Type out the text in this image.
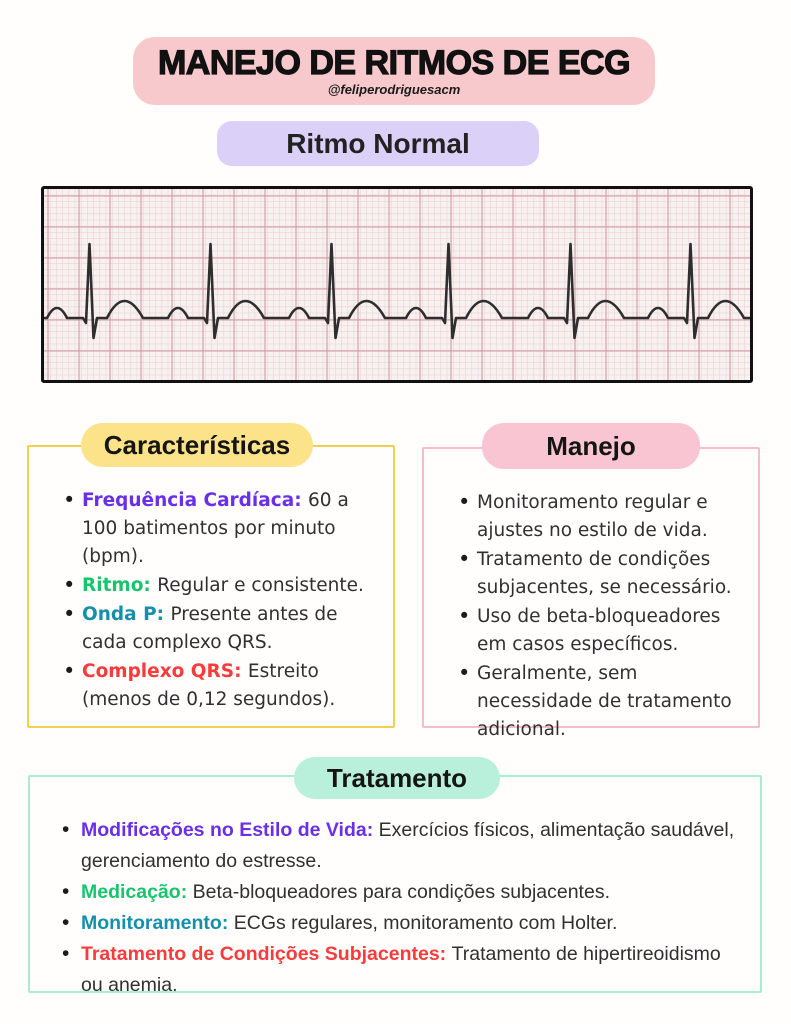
MANEJO DE RITMOS DE ECG
@feliperodriguesacm
Ritmo Normal
Características
• Frequência Cardíaca: 60 a 100 batimentos por minuto (bpm).
• Ritmo: Regular e consistente.
• Onda P: Presente antes de cada complexo QRS.
• Complexo QRS: Estreito (menos de 0,12 segundos).
Manejo
• Monitoramento regular e ajustes no estilo de vida.
• Tratamento de condições subjacentes, se necessário.
• Uso de beta-bloqueadores em casos específicos.
• Geralmente, sem necessidade de tratamento adicional.
Tratamento
• Modificações no Estilo de Vida: Exercícios físicos, alimentação saudável, gerenciamento do estresse.
• Medicação: Beta-bloqueadores para condições subjacentes.
• Monitoramento: ECGs regulares, monitoramento com Holter.
• Tratamento de Condições Subjacentes: Tratamento de hipertireoidismo ou anemia.
